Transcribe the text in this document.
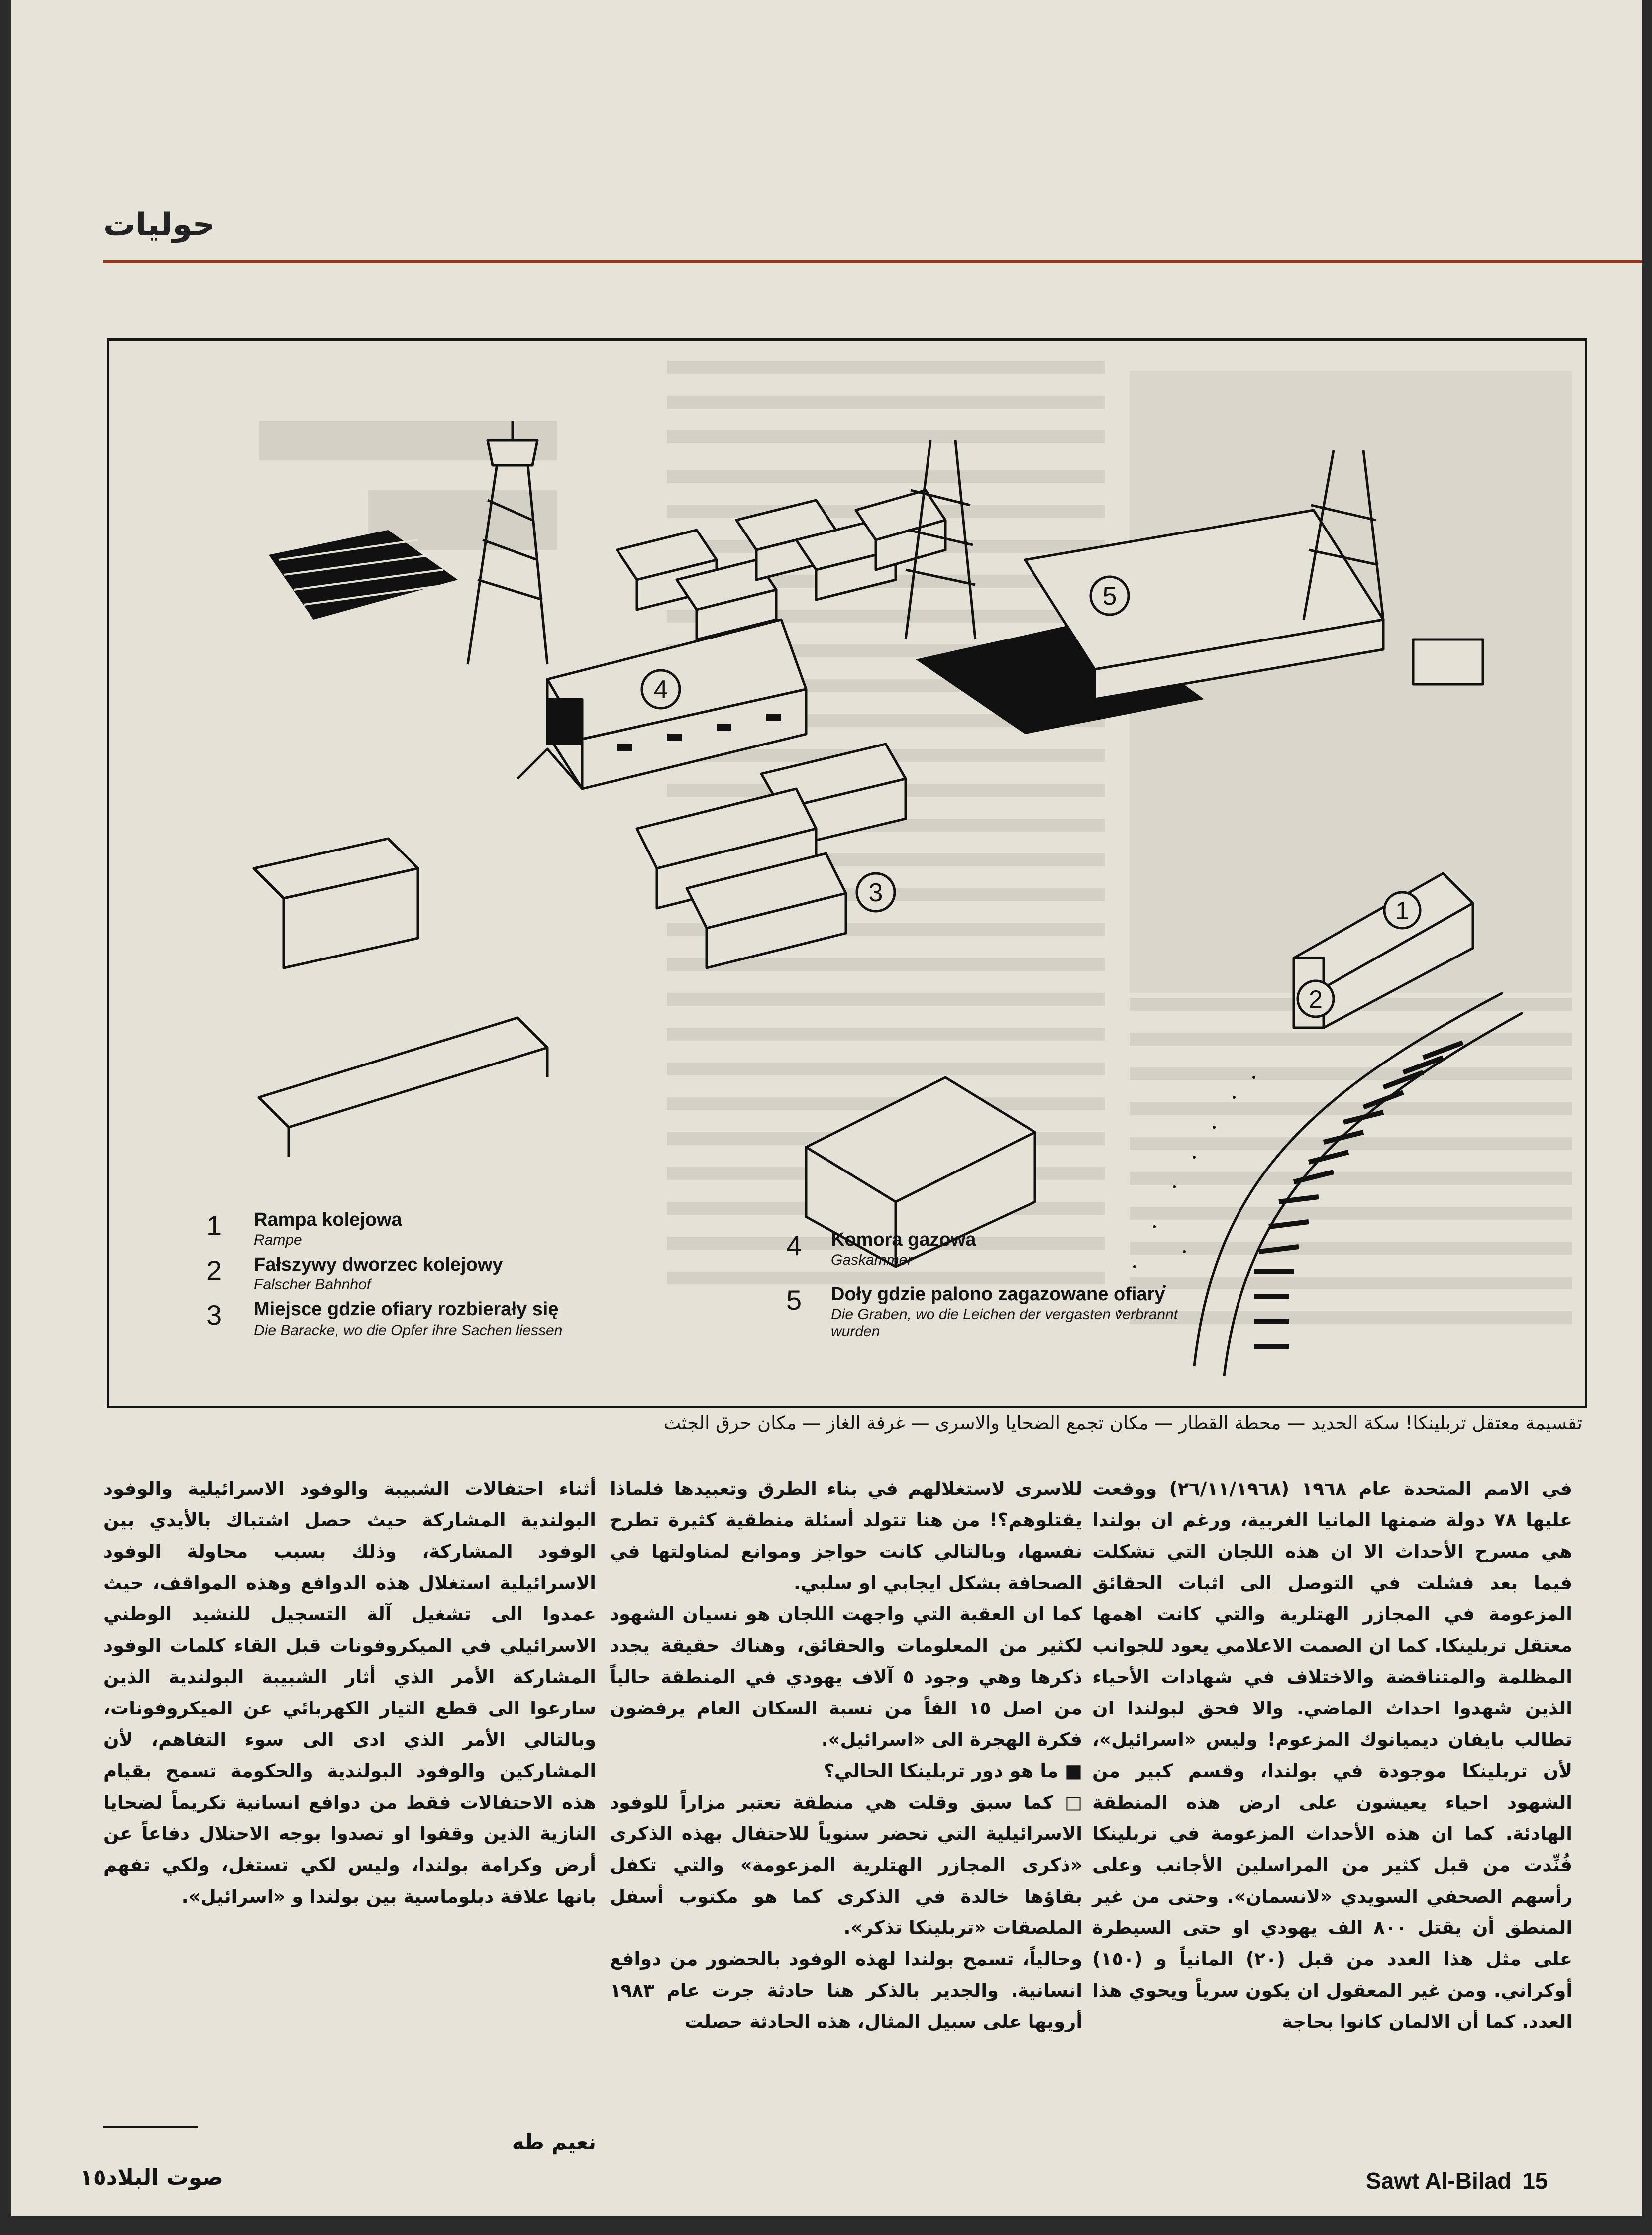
حوليات
4
5
3
2
1
1 Rampa kolejowa
Rampe
2 Fałszywy dworzec kolejowy
Falscher Bahnhof
3 Miejsce gdzie ofiary rozbierały się
Die Baracke, wo die Opfer ihre Sachen liessen
4 Komora gazowa
Gaskammer
5 Doły gdzie palono zagazowane ofiary
Die Graben, wo die Leichen der vergasten verbrannt wurden
تقسيمة معتقل تربلينكا! سكة الحديد — محطة القطار — مكان تجمع الضحايا والاسرى — غرفة الغاز — مكان حرق الجثث

في الامم المتحدة عام ١٩٦٨ (٢٦/١١/١٩٦٨) ووقعت عليها ٧٨ دولة ضمنها المانيا الغربية، ورغم ان بولندا هي مسرح الأحداث الا ان هذه اللجان التي تشكلت فيما بعد فشلت في التوصل الى اثبات الحقائق المزعومة في المجازر الهتلرية والتي كانت اهمها معتقل تربلينكا. كما ان الصمت الاعلامي يعود للجوانب المظلمة والمتناقضة والاختلاف في شهادات الأحياء الذين شهدوا احداث الماضي. والا فحق لبولندا ان تطالب بايفان ديميانوك المزعوم! وليس «اسرائيل»، لأن تربلينكا موجودة في بولندا، وقسم كبير من الشهود احياء يعيشون على ارض هذه المنطقة الهادئة. كما ان هذه الأحداث المزعومة في تربلينكا فُنِّدت من قبل كثير من المراسلين الأجانب وعلى رأسهم الصحفي السويدي «لانسمان». وحتى من غير المنطق أن يقتل ٨٠٠ الف يهودي او حتى السيطرة على مثل هذا العدد من قبل (٢٠) المانياً و (١٥٠) أوكراني. ومن غير المعقول ان يكون سرياً ويحوي هذا العدد. كما أن الالمان كانوا بحاجة

للاسرى لاستغلالهم في بناء الطرق وتعبيدها فلماذا يقتلوهم؟! من هنا تتولد أسئلة منطقية كثيرة تطرح نفسها، وبالتالي كانت حواجز وموانع لمناولتها في الصحافة بشكل ايجابي او سلبي.

كما ان العقبة التي واجهت اللجان هو نسيان الشهود لكثير من المعلومات والحقائق، وهناك حقيقة يجدد ذكرها وهي وجود ٥ آلاف يهودي في المنطقة حالياً من اصل ١٥ الفاً من نسبة السكان العام يرفضون فكرة الهجرة الى «اسرائيل».

■ ما هو دور تربلينكا الحالي؟

□ كما سبق وقلت هي منطقة تعتبر مزاراً للوفود الاسرائيلية التي تحضر سنوياً للاحتفال بهذه الذكرى «ذكرى المجازر الهتلرية المزعومة» والتي تكفل بقاؤها خالدة في الذكرى كما هو مكتوب أسفل الملصقات «تربلينكا تذكر».

وحالياً، تسمح بولندا لهذه الوفود بالحضور من دوافع انسانية. والجدير بالذكر هنا حادثة جرت عام ١٩٨٣ أرويها على سبيل المثال، هذه الحادثة حصلت

أثناء احتفالات الشبيبة والوفود الاسرائيلية والوفود البولندية المشاركة حيث حصل اشتباك بالأيدي بين الوفود المشاركة، وذلك بسبب محاولة الوفود الاسرائيلية استغلال هذه الدوافع وهذه المواقف، حيث عمدوا الى تشغيل آلة التسجيل للنشيد الوطني الاسرائيلي في الميكروفونات قبل القاء كلمات الوفود المشاركة الأمر الذي أثار الشبيبة البولندية الذين سارعوا الى قطع التيار الكهربائي عن الميكروفونات، وبالتالي الأمر الذي ادى الى سوء التفاهم، لأن المشاركين والوفود البولندية والحكومة تسمح بقيام هذه الاحتفالات فقط من دوافع انسانية تكريماً لضحايا النازية الذين وقفوا او تصدوا بوجه الاحتلال دفاعاً عن أرض وكرامة بولندا، وليس لكي تستغل، ولكي تفهم بانها علاقة دبلوماسية بين بولندا و «اسرائيل».

نعيم طه
Sawt Al-Bilad 15
صوت البلاد١٥
